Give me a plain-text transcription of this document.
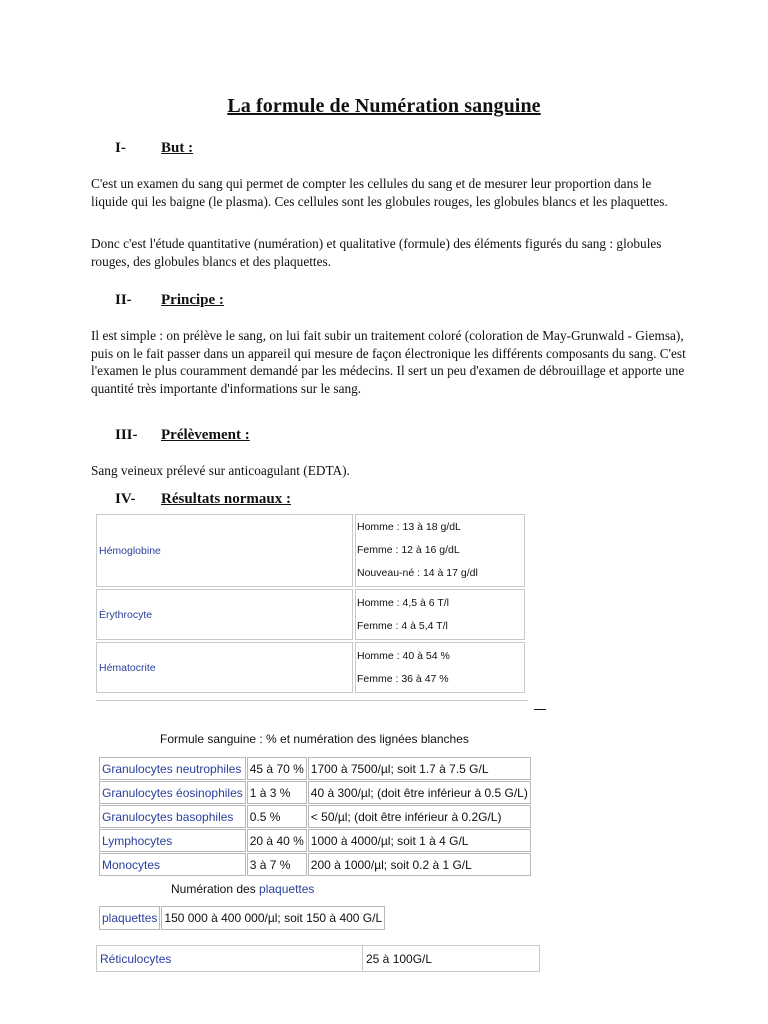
La formule de Numération sanguine
I- But :
C'est un examen du sang qui permet de compter les cellules du sang et de mesurer leur proportion dans le liquide qui les baigne (le plasma). Ces cellules sont les globules rouges, les globules blancs et les plaquettes.
Donc c'est l'étude quantitative (numération) et qualitative (formule) des éléments figurés du sang : globules rouges, des globules blancs et des plaquettes.
II- Principe :
Il est simple : on prélève le sang, on lui fait subir un traitement coloré (coloration de May-Grunwald - Giemsa), puis on le fait passer dans un appareil qui mesure de façon électronique les différents composants du sang. C'est l'examen le plus couramment demandé par les médecins. Il sert un peu d'examen de débrouillage et apporte une quantité très importante d'informations sur le sang.
III- Prélèvement :
Sang veineux prélevé sur anticoagulant (EDTA).
IV- Résultats normaux :
Hémoglobine	Homme : 13 à 18 g/dL
Femme : 12 à 16 g/dL
Nouveau-né : 14 à 17 g/dl

Érythrocyte	Homme : 4,5 à 6 T/l
Femme : 4 à 5,4 T/l

Hématocrite	Homme : 40 à 54 %
Femme : 36 à 47 %
Formule sanguine : % et numération des lignées blanches
Granulocytes neutrophiles	45 à 70 %	1700 à 7500/µl; soit 1.7 à 7.5 G/L
Granulocytes éosinophiles	1 à 3 %	40 à 300/µl; (doit être inférieur à 0.5 G/L)
Granulocytes basophiles	0.5 %	< 50/µl; (doit être inférieur à 0.2G/L)
Lymphocytes	20 à 40 %	1000 à 4000/µl; soit 1 à 4 G/L
Monocytes	3 à 7 %	200 à 1000/µl; soit 0.2 à 1 G/L
Numération des plaquettes
plaquettes	150 000 à 400 000/µl; soit 150 à 400 G/L
Réticulocytes	25 à 100G/L
